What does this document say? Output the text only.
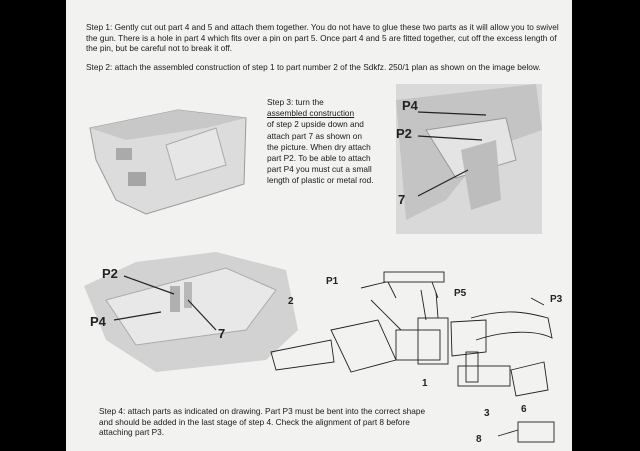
Step 1: Gently cut out part 4 and 5 and attach them together. You do not have to glue these two parts as it will allow you to swivel the gun. There is a hole in part 4 which fits over a pin on part 5. Once part 4 and 5 are fitted together, cut off the excess length of the pin, but be careful not to break it off.
Step 2: attach the assembled construction of step 1 to part number 2 of the Sdkfz. 250/1 plan as shown on the image below.
Step 3: turn the
assembled construction
of step 2 upside down and attach part 7 as shown on the picture. When dry attach part P2. To be able to attach part P4 you must cut a small length of plastic or metal rod.
Step 4: attach parts as indicated on drawing. Part P3 must be bent into the correct shape and should be added in the last stage of step 4. Check the alignment of part 8 before attaching part P3.
P4
P2
7
P2
P4
7
P1
P5
P3
2
1
3	6
8
